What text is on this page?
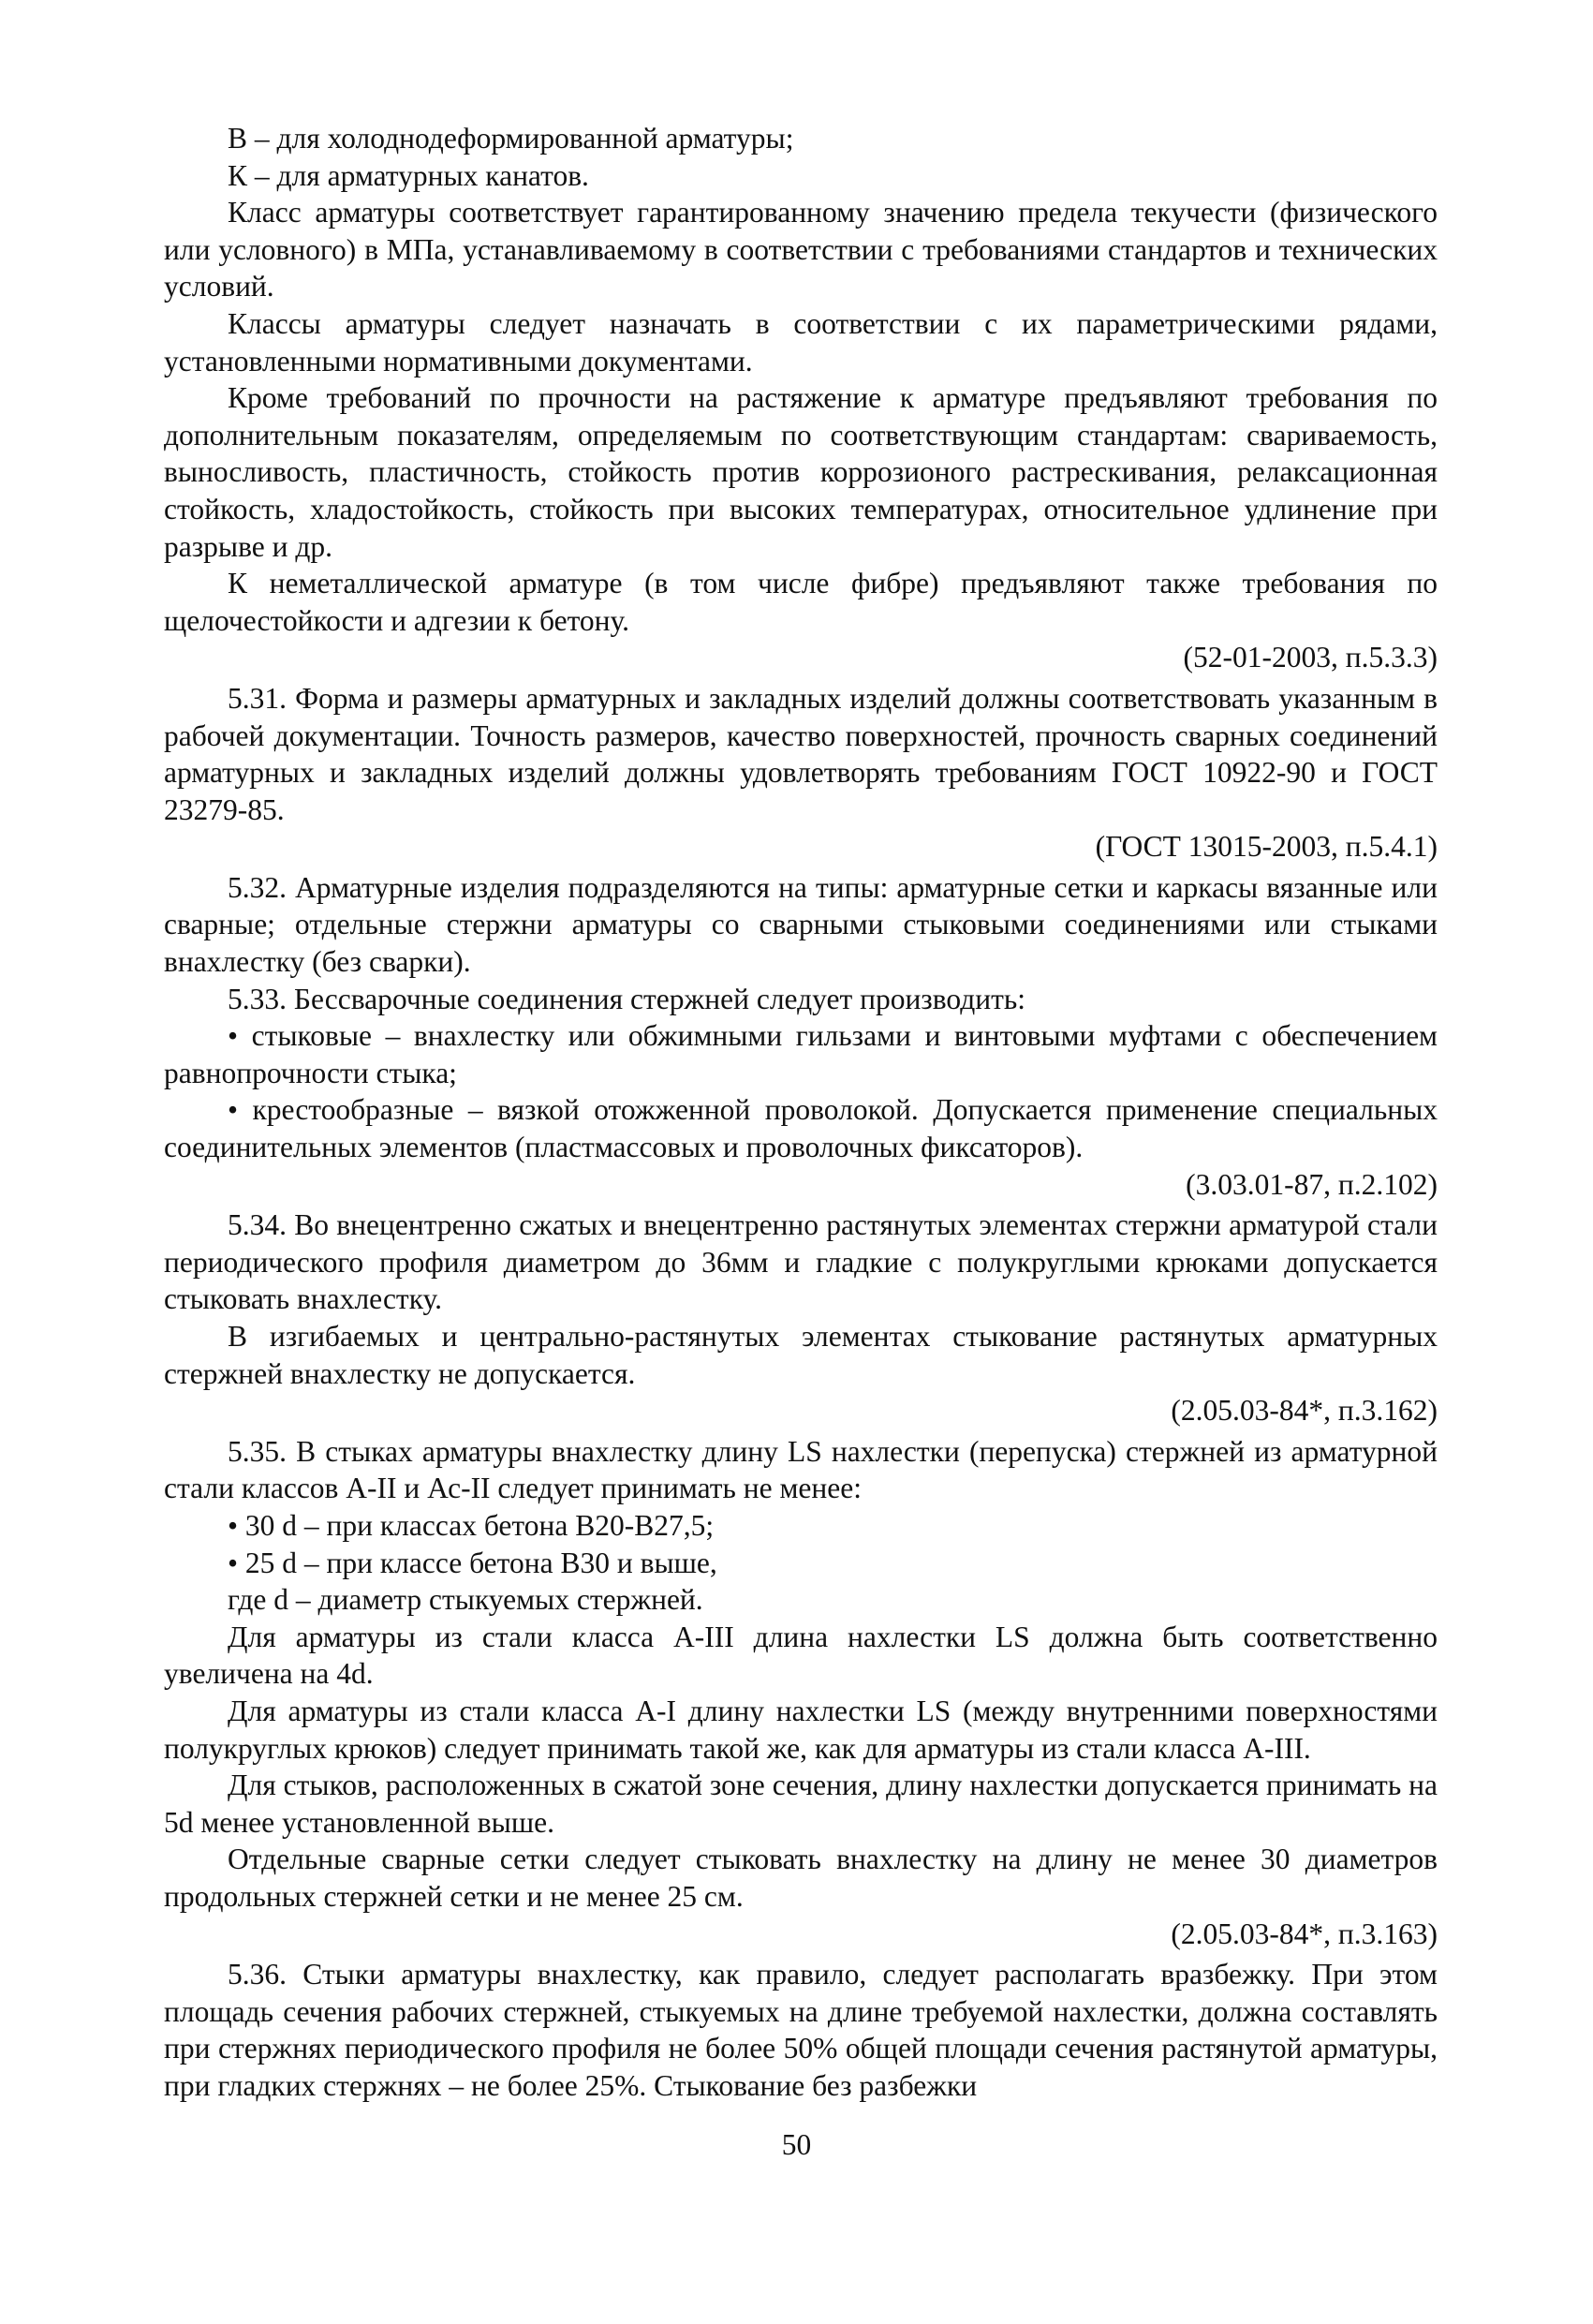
В – для холоднодеформированной арматуры;

К – для арматурных канатов.

Класс арматуры соответствует гарантированному значению предела текучести (физического или условного) в МПа, устанавливаемому в соответствии с требованиями стандартов и технических условий.

Классы арматуры следует назначать в соответствии с их параметрическими рядами, установленными нормативными документами.

Кроме требований по прочности на растяжение к арматуре предъявляют требования по дополнительным показателям, определяемым по соответствующим стандартам: свариваемость, выносливость, пластичность, стойкость против коррозионого растрескивания, релаксационная стойкость, хладостойкость, стойкость при высоких температурах, относительное удлинение при разрыве и др.

К неметаллической арматуре (в том числе фибре) предъявляют также требования по щелочестойкости и адгезии к бетону.

(52-01-2003, п.5.3.3)

5.31. Форма и размеры арматурных и закладных изделий должны соответствовать указанным в рабочей документации. Точность размеров, качество поверхностей, прочность сварных соединений арматурных и закладных изделий должны удовлетворять требованиям ГОСТ 10922-90 и ГОСТ 23279-85.

(ГОСТ 13015-2003, п.5.4.1)

5.32. Арматурные изделия подразделяются на типы: арматурные сетки и каркасы вязанные или сварные; отдельные стержни арматуры со сварными стыковыми соединениями или стыками внахлестку (без сварки).

5.33. Бессварочные соединения стержней следует производить:

• стыковые – внахлестку или обжимными гильзами и винтовыми муфтами с обеспечением равнопрочности стыка;

• крестообразные – вязкой отожженной проволокой. Допускается применение специальных соединительных элементов (пластмассовых и проволочных фиксаторов).

(3.03.01-87, п.2.102)

5.34. Во внецентренно сжатых и внецентренно растянутых элементах стержни арматурой стали периодического профиля диаметром до 36мм и гладкие с полукруглыми крюками допускается стыковать внахлестку.

В изгибаемых и центрально-растянутых элементах стыкование растянутых арматурных стержней внахлестку не допускается.

(2.05.03-84*, п.3.162)

5.35. В стыках арматуры внахлестку длину LS нахлестки (перепуска) стержней из арматурной стали классов А-II и Ас-II следует принимать не менее:

• 30 d – при классах бетона В20-В27,5;

• 25 d – при классе бетона В30 и выше,

где d – диаметр стыкуемых стержней.

Для арматуры из стали класса А-III длина нахлестки LS должна быть соответственно увеличена на 4d.

Для арматуры из стали класса А-I длину нахлестки LS (между внутренними поверхностями полукруглых крюков) следует принимать такой же, как для арматуры из стали класса А-III.

Для стыков, расположенных в сжатой зоне сечения, длину нахлестки допускается принимать на 5d менее установленной выше.

Отдельные сварные сетки следует стыковать внахлестку на длину не менее 30 диаметров продольных стержней сетки и не менее 25 см.

(2.05.03-84*, п.3.163)

5.36. Стыки арматуры внахлестку, как правило, следует располагать вразбежку. При этом площадь сечения рабочих стержней, стыкуемых на длине требуемой нахлестки, должна составлять при стержнях периодического профиля не более 50% общей площади сечения растянутой арматуры, при гладких стержнях – не более 25%. Стыкование без разбежки

50
